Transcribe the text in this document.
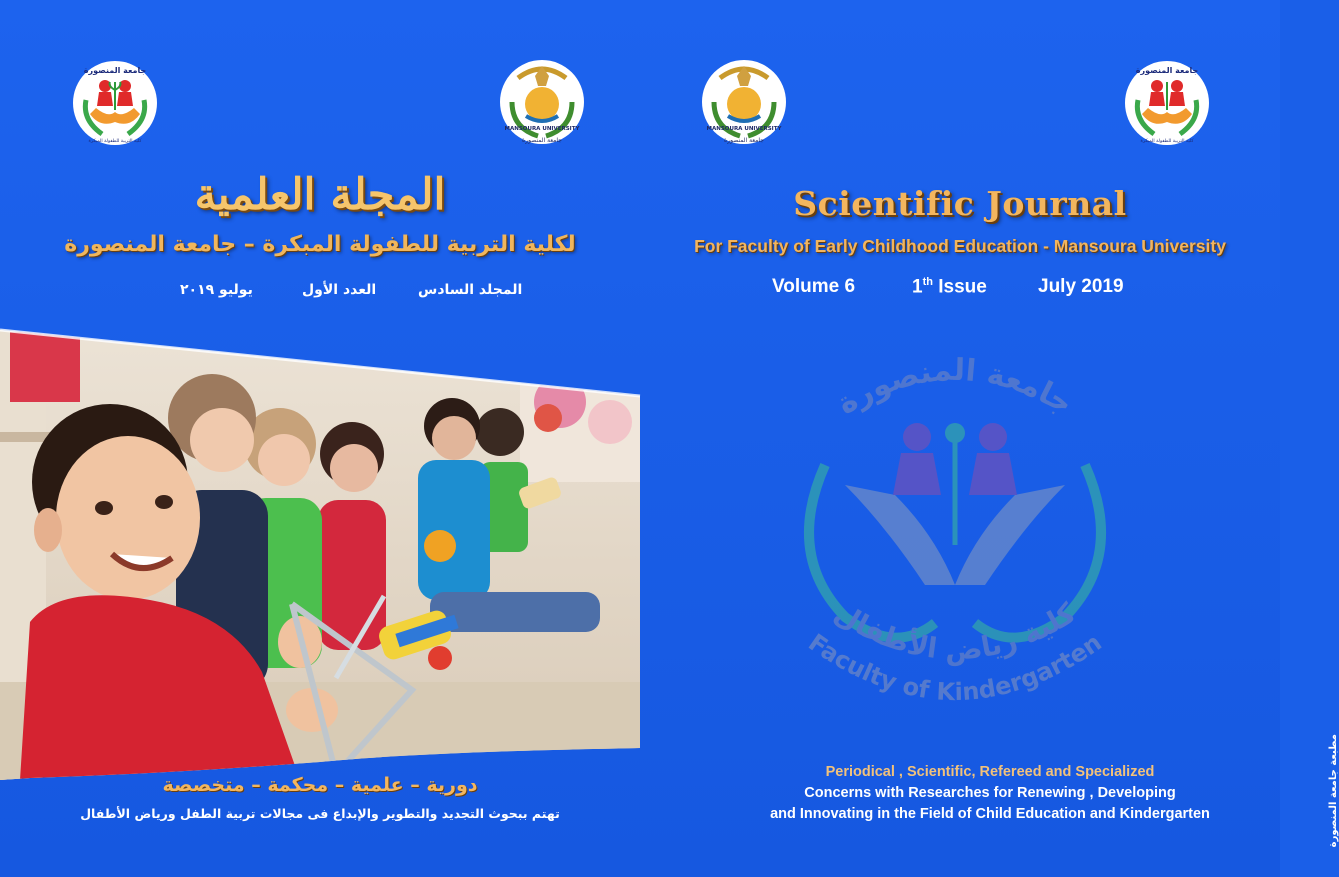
جامعة المنصورة
كلية التربية للطفولة المبكرة
MANSOURA UNIVERSITY
جامعة المنصورة
المجلة العلمية
لكلية التربية للطفولة المبكرة – جامعة المنصورة
المجلد السادس
العدد الأول
يوليو ٢٠١٩
دورية – علمية – محكمة – متخصصة
تهتم ببحوث التجديد والتطوير والإبداع فى مجالات تربية الطفل ورياض الأطفال
MANSOURA UNIVERSITY
جامعة المنصورة
جامعة المنصورة
كلية التربية للطفولة المبكرة
Scientific Journal
For Faculty of Early Childhood Education - Mansoura University
Volume 6	1th Issue	July 2019
جامعة المنصورة
كلية رياض الأطفال
Faculty of Kindergarten
مطبعة جامعة المنصورة
Periodical , Scientific, Refereed and Specialized
Concerns with Researches for Renewing , Developing
and Innovating in the Field of Child Education and Kindergarten
